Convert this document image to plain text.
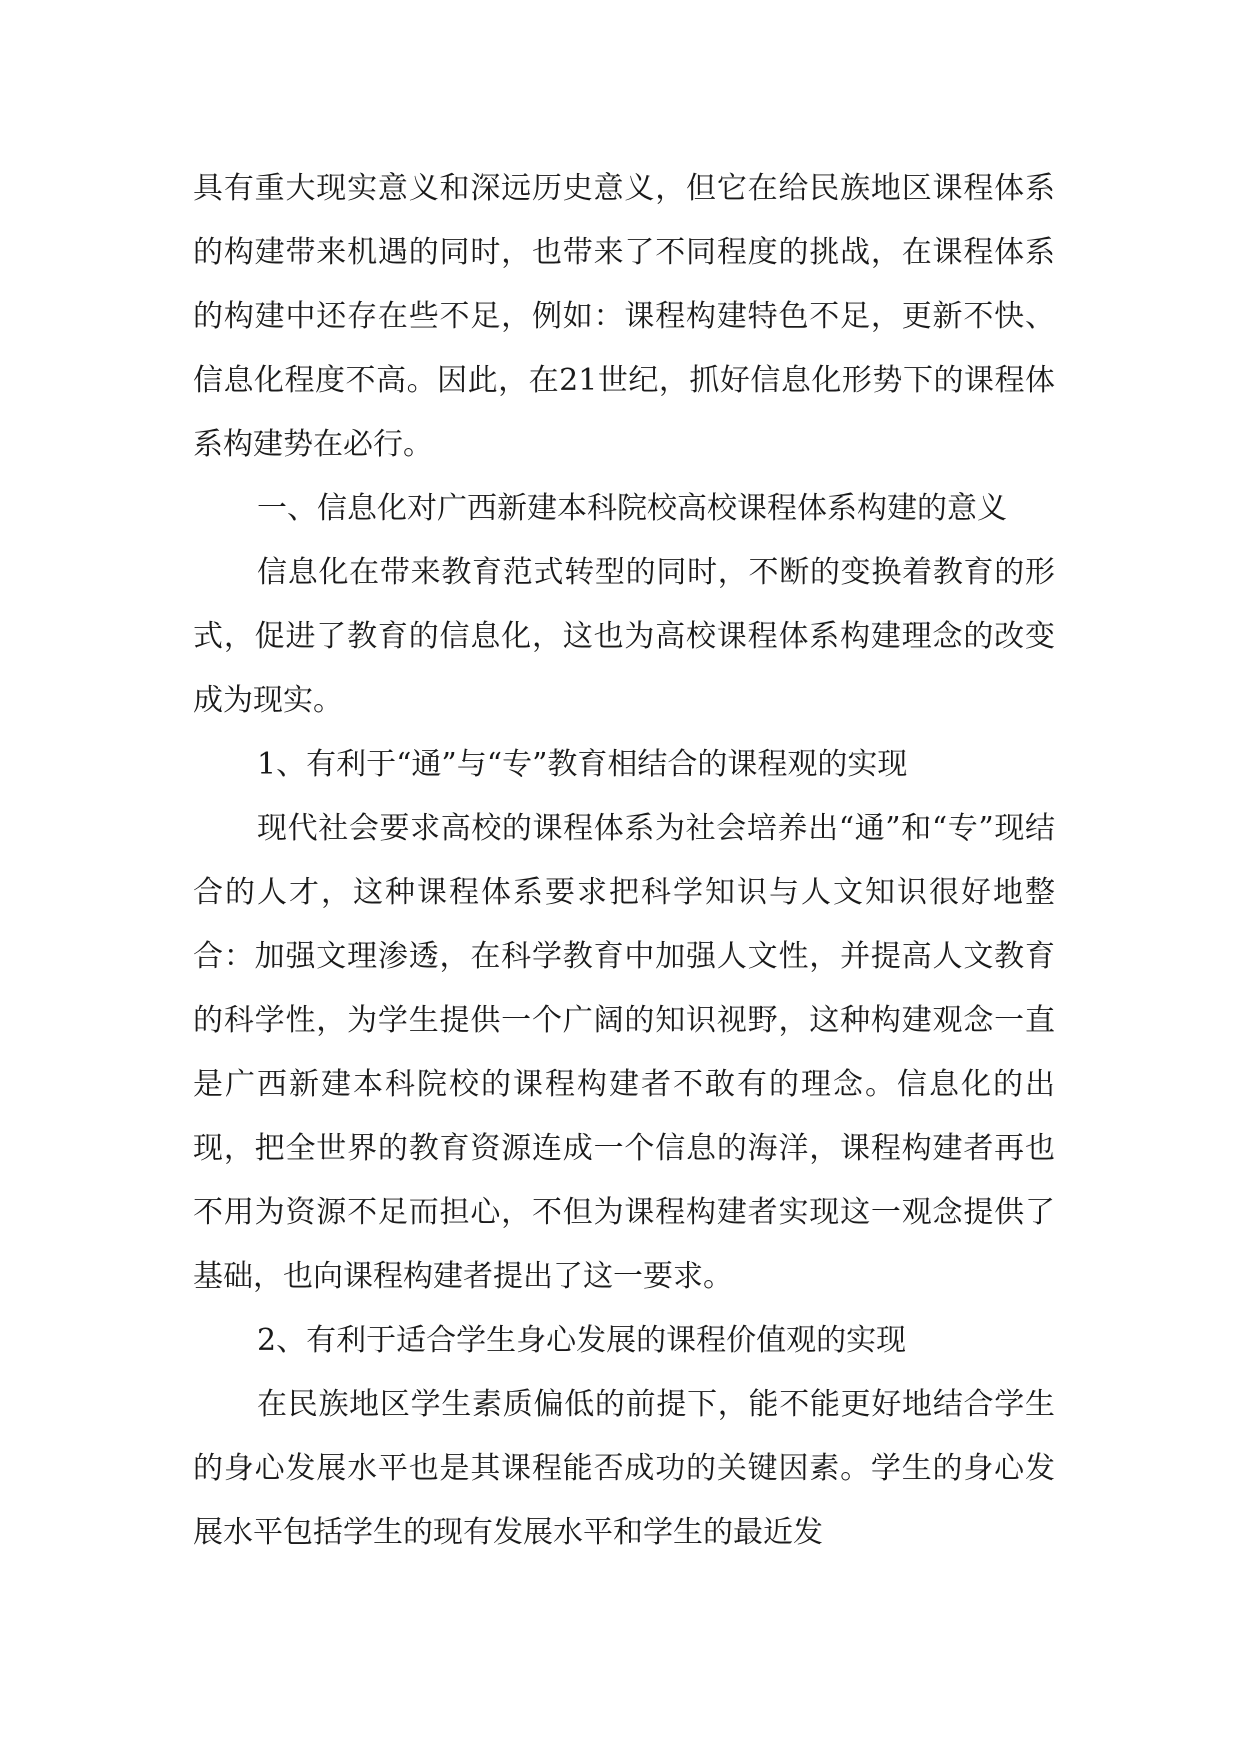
具有重大现实意义和深远历史意义，但它在给民族地区课程体系的构建带来机遇的同时，也带来了不同程度的挑战，在课程体系的构建中还存在些不足，例如：课程构建特色不足，更新不快、信息化程度不高。因此，在21世纪，抓好信息化形势下的课程体系构建势在必行。

一、信息化对广西新建本科院校高校课程体系构建的意义

信息化在带来教育范式转型的同时，不断的变换着教育的形式，促进了教育的信息化，这也为高校课程体系构建理念的改变成为现实。

1、有利于“通”与“专”教育相结合的课程观的实现

现代社会要求高校的课程体系为社会培养出“通”和“专”现结合的人才，这种课程体系要求把科学知识与人文知识很好地整合：加强文理渗透，在科学教育中加强人文性，并提高人文教育的科学性，为学生提供一个广阔的知识视野，这种构建观念一直是广西新建本科院校的课程构建者不敢有的理念。信息化的出现，把全世界的教育资源连成一个信息的海洋，课程构建者再也不用为资源不足而担心，不但为课程构建者实现这一观念提供了基础，也向课程构建者提出了这一要求。

2、有利于适合学生身心发展的课程价值观的实现

在民族地区学生素质偏低的前提下，能不能更好地结合学生的身心发展水平也是其课程能否成功的关键因素。学生的身心发展水平包括学生的现有发展水平和学生的最近发
